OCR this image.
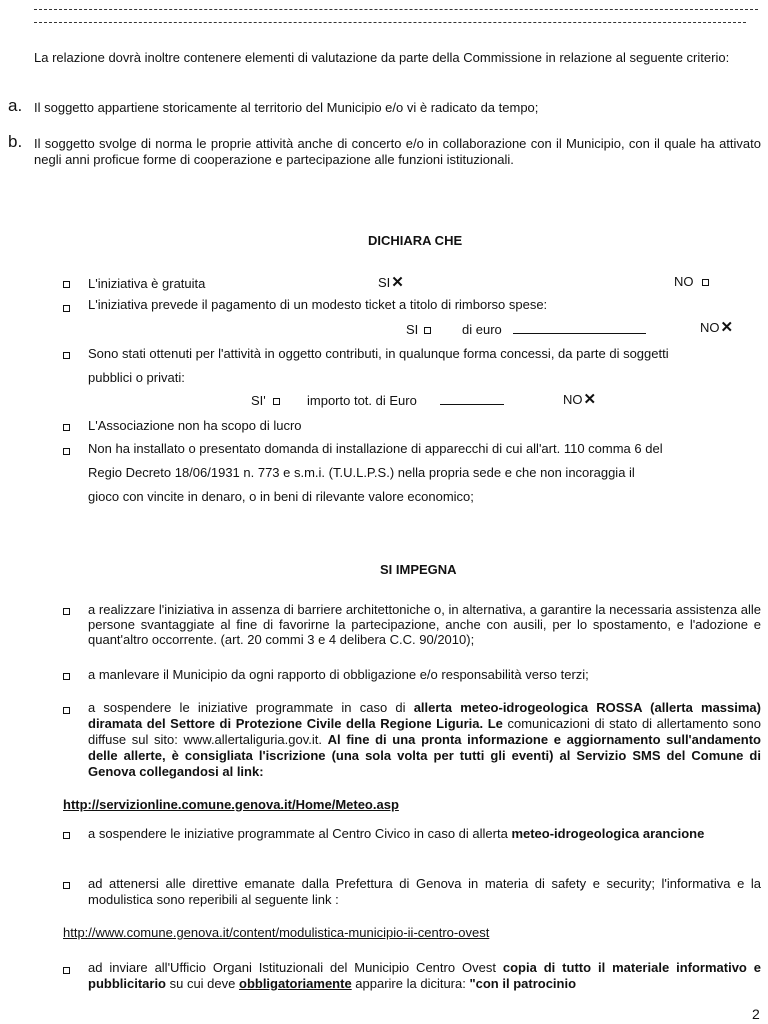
La relazione dovrà inoltre contenere elementi di valutazione da parte della Commissione in relazione al seguente criterio:
a. Il soggetto appartiene storicamente al territorio del Municipio e/o vi è radicato da tempo;
b. Il soggetto svolge di norma le proprie attività anche di concerto e/o in collaborazione con il Municipio, con il quale ha attivato negli anni proficue forme di cooperazione e partecipazione alle funzioni istituzionali.
DICHIARA CHE
L'iniziativa è gratuita	SI✕	NO
L'iniziativa prevede il pagamento di un modesto ticket a titolo di rimborso spese:
SI	di euro	NO✕
Sono stati ottenuti per l'attività in oggetto contributi, in qualunque forma concessi, da parte di soggetti
pubblici o privati:
SI'	importo tot. di Euro	NO✕
L'Associazione non ha scopo di lucro
Non ha installato o presentato domanda di installazione di apparecchi di cui all'art. 110 comma 6 del
Regio Decreto 18/06/1931 n. 773 e s.m.i. (T.U.L.P.S.) nella propria sede e che non incoraggia il
gioco con vincite in denaro, o in beni di rilevante valore economico;
SI IMPEGNA
a realizzare l'iniziativa in assenza di barriere architettoniche o, in alternativa, a garantire la necessaria assistenza alle persone svantaggiate al fine di favorirne la partecipazione, anche con ausili, per lo spostamento, e l'adozione e quant'altro occorrente. (art. 20 commi 3 e 4 delibera C.C. 90/2010);
a manlevare il Municipio da ogni rapporto di obbligazione e/o responsabilità verso terzi;
a sospendere le iniziative programmate in caso di allerta meteo-idrogeologica ROSSA (allerta massima) diramata del Settore di Protezione Civile della Regione Liguria. Le comunicazioni di stato di allertamento sono diffuse sul sito: www.allertaliguria.gov.it. Al fine di una pronta informazione e aggiornamento sull'andamento delle allerte, è consigliata l'iscrizione (una sola volta per tutti gli eventi) al Servizio SMS del Comune di Genova collegandosi al link:
http://servizionline.comune.genova.it/Home/Meteo.asp
a sospendere le iniziative programmate al Centro Civico in caso di allerta meteo-idrogeologica arancione
ad attenersi alle direttive emanate dalla Prefettura di Genova in materia di safety e security; l'informativa e la modulistica sono reperibili al seguente link :
http://www.comune.genova.it/content/modulistica-municipio-ii-centro-ovest
ad inviare all'Ufficio Organi Istituzionali del Municipio Centro Ovest copia di tutto il materiale informativo e pubblicitario su cui deve obbligatoriamente apparire la dicitura: "con il patrocinio
2
